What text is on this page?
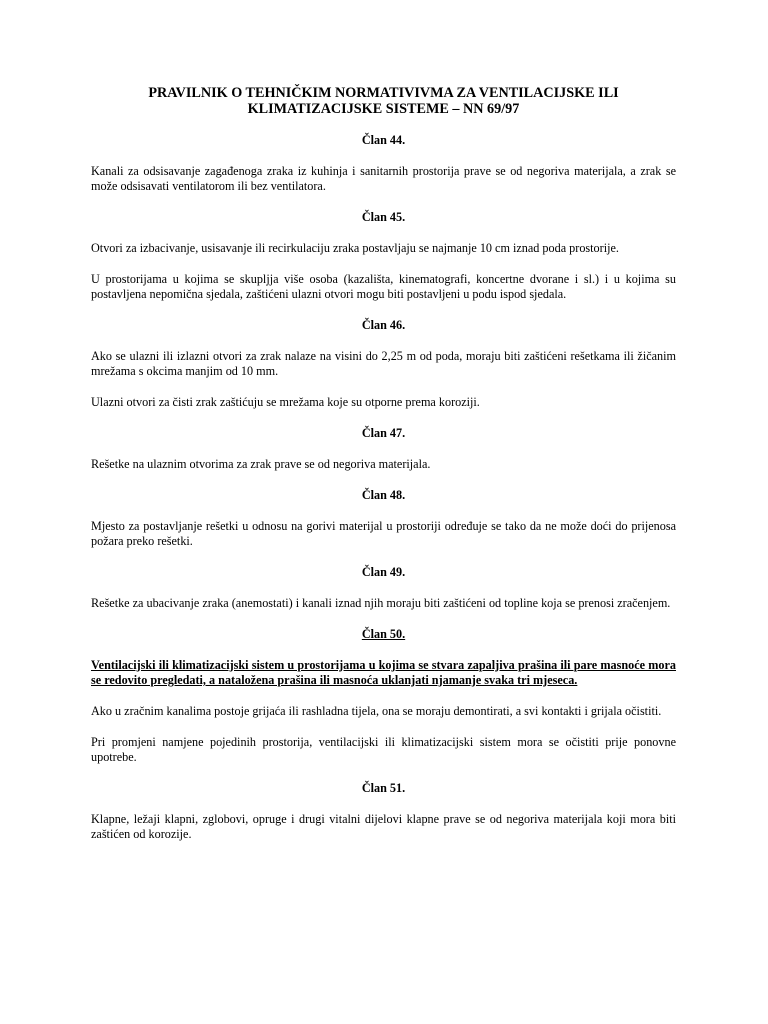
PRAVILNIK O TEHNIČKIM NORMATIVIVMA ZA VENTILACIJSKE ILI
KLIMATIZACIJSKE SISTEME – NN 69/97
Član 44.

Kanali za odsisavanje zagađenoga zraka iz kuhinja i sanitarnih prostorija prave se od negoriva materijala, a zrak se može odsisavati ventilatorom ili bez ventilatora.

Član 45.

Otvori za izbacivanje, usisavanje ili recirkulaciju zraka postavljaju se najmanje 10 cm iznad poda prostorije.

U prostorijama u kojima se skupljja više osoba (kazališta, kinematografi, koncertne dvorane i sl.) i u kojima su postavljena nepomična sjedala, zaštićeni ulazni otvori mogu biti postavljeni u podu ispod sjedala.

Član 46.

Ako se ulazni ili izlazni otvori za zrak nalaze na visini do 2,25 m od poda, moraju biti zaštićeni rešetkama ili žičanim mrežama s okcima manjim od 10 mm.

Ulazni otvori za čisti zrak zaštićuju se mrežama koje su otporne prema koroziji.

Član 47.

Rešetke na ulaznim otvorima za zrak prave se od negoriva materijala.

Član 48.

Mjesto za postavljanje rešetki u odnosu na gorivi materijal u prostoriji određuje se tako da ne može doći do prijenosa požara preko rešetki.

Član 49.

Rešetke za ubacivanje zraka (anemostati) i kanali iznad njih moraju biti zaštićeni od topline koja se prenosi zračenjem.

Član 50.

Ventilacijski ili klimatizacijski sistem u prostorijama u kojima se stvara zapaljiva prašina ili pare masnoće mora se redovito pregledati, a nataložena prašina ili masnoća uklanjati njamanje svaka tri mjeseca.

Ako u zračnim kanalima postoje grijaća ili rashladna tijela, ona se moraju demontirati, a svi kontakti i grijala očistiti.

Pri promjeni namjene pojedinih prostorija, ventilacijski ili klimatizacijski sistem mora se očistiti prije ponovne upotrebe.

Član 51.

Klapne, ležaji klapni, zglobovi, opruge i drugi vitalni dijelovi klapne prave se od negoriva materijala koji mora biti zaštićen od korozije.
